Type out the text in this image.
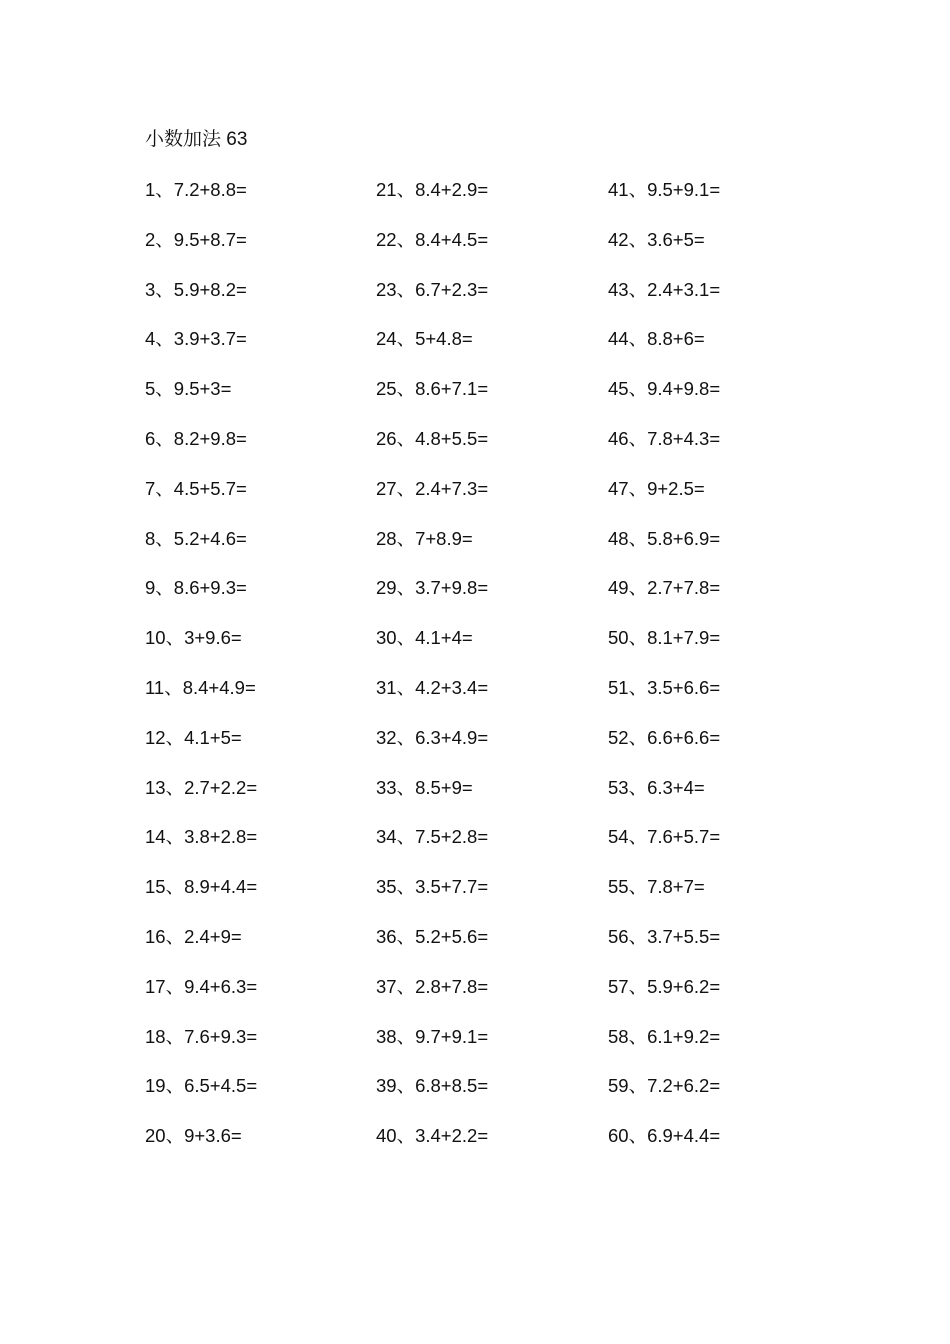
小数加法 63
1、7.2+8.8=
2、9.5+8.7=
3、5.9+8.2=
4、3.9+3.7=
5、9.5+3=
6、8.2+9.8=
7、4.5+5.7=
8、5.2+4.6=
9、8.6+9.3=
10、3+9.6=
11、8.4+4.9=
12、4.1+5=
13、2.7+2.2=
14、3.8+2.8=
15、8.9+4.4=
16、2.4+9=
17、9.4+6.3=
18、7.6+9.3=
19、6.5+4.5=
20、9+3.6=
21、8.4+2.9=
22、8.4+4.5=
23、6.7+2.3=
24、5+4.8=
25、8.6+7.1=
26、4.8+5.5=
27、2.4+7.3=
28、7+8.9=
29、3.7+9.8=
30、4.1+4=
31、4.2+3.4=
32、6.3+4.9=
33、8.5+9=
34、7.5+2.8=
35、3.5+7.7=
36、5.2+5.6=
37、2.8+7.8=
38、9.7+9.1=
39、6.8+8.5=
40、3.4+2.2=
41、9.5+9.1=
42、3.6+5=
43、2.4+3.1=
44、8.8+6=
45、9.4+9.8=
46、7.8+4.3=
47、9+2.5=
48、5.8+6.9=
49、2.7+7.8=
50、8.1+7.9=
51、3.5+6.6=
52、6.6+6.6=
53、6.3+4=
54、7.6+5.7=
55、7.8+7=
56、3.7+5.5=
57、5.9+6.2=
58、6.1+9.2=
59、7.2+6.2=
60、6.9+4.4=
